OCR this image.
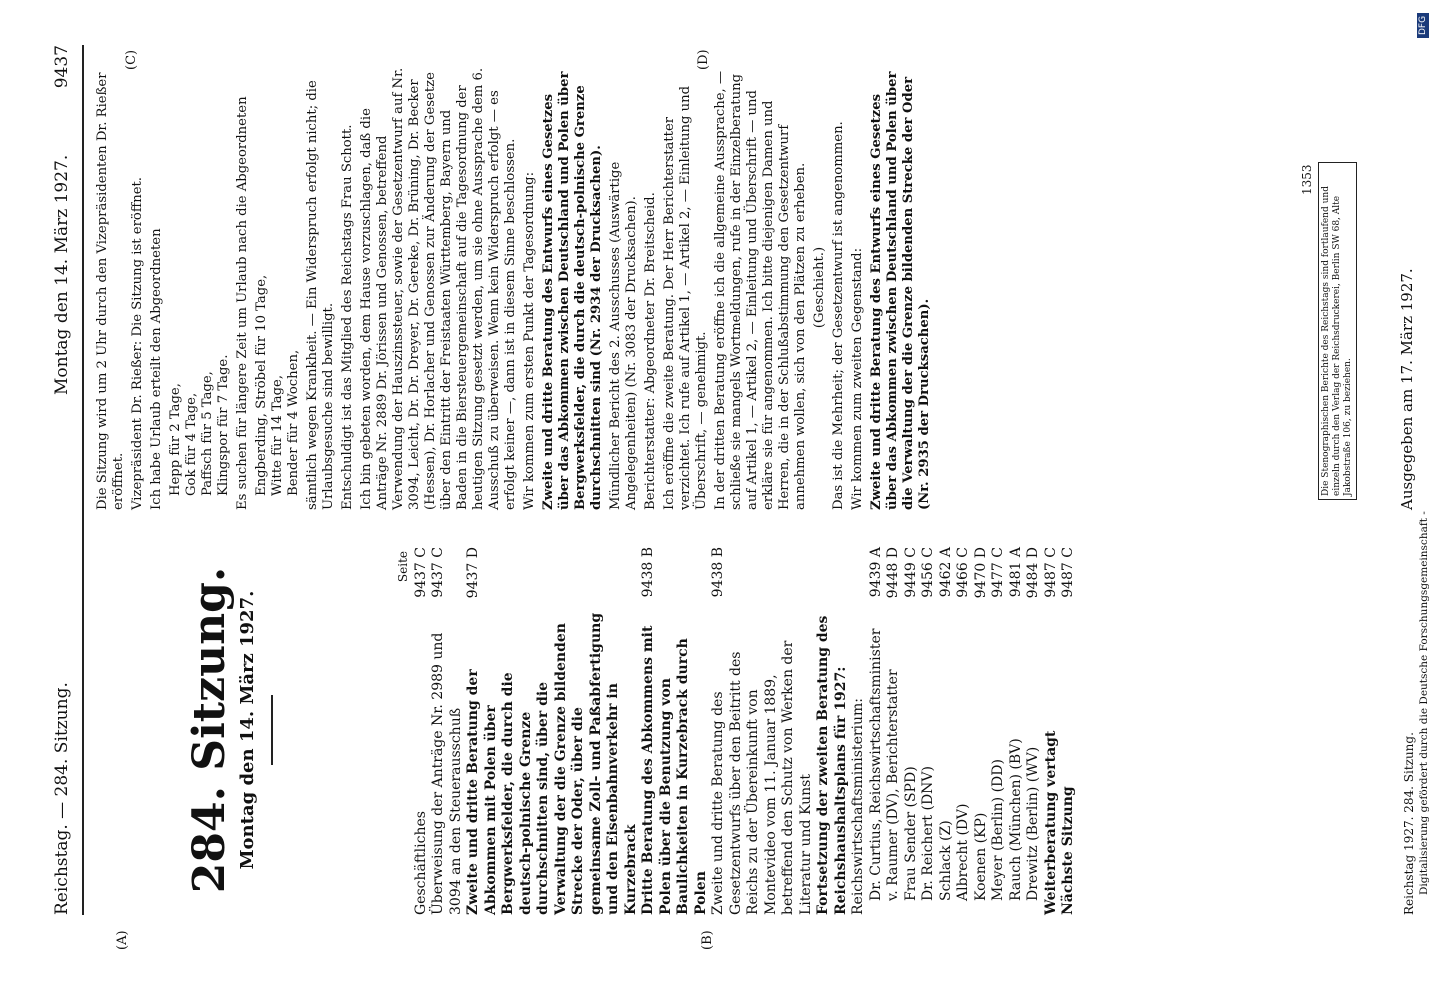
Reichstag. — 284. Sitzung.
Montag den 14. März 1927.
9437
(A)	(B)
(C)	(D)
284. Sitzung. Montag den 14. März 1927.
Seite
Geschäftliches
9437 C
Überweisung der Anträge Nr. 2989 und 3094 an den Steuerausschuß
9437 C
Zweite und dritte Beratung der Abkommen mit Polen über Bergwerksfelder, die durch die deutsch-polnische Grenze durchschnitten sind, über die Verwaltung der die Grenze bildenden Strecke der Oder, über die gemeinsame Zoll- und Paßabfertigung und den Eisenbahnverkehr in Kurzebrack
9437 D
Dritte Beratung des Abkommens mit Polen über die Benutzung von Baulichkeiten in Kurzebrack durch Polen
9438 B
Zweite und dritte Beratung des Gesetzentwurfs über den Beitritt des Reichs zu der Übereinkunft von Montevideo vom 11. Januar 1889, betreffend den Schutz von Werken der Literatur und Kunst
9438 B
Fortsetzung der zweiten Beratung des Reichshaushaltsplans für 1927: Reichswirtschaftsministerium: Dr. Curtius, Reichswirtschaftsminister
9439 A
v. Raumer (DV), Berichterstatter
9448 D
Frau Sender (SPD)
9449 C
Dr. Reichert (DNV)
9456 C
Schlack (Z)
9462 A
Albrecht (DV)
9466 C
Koenen (KP)
9470 D
Meyer (Berlin) (DD)
9477 C
Rauch (München) (BV)
9481 A
Drewitz (Berlin) (WV)
9484 D
Weiterberatung vertagt
9487 C
Nächste Sitzung
9487 C

Die Sitzung wird um 2 Uhr durch den Vizepräsidenten Dr. Rießer eröffnet. Vizepräsident Dr. Rießer: Die Sitzung ist eröffnet. Ich habe Urlaub erteilt den Abgeordneten Hepp für 2 Tage, Gok für 4 Tage, Paffsch für 5 Tage, Klingspor für 7 Tage. Es suchen für längere Zeit um Urlaub nach die Abgeordneten Engberding, Ströbel für 10 Tage, Witte für 14 Tage, Bender für 4 Wochen, sämtlich wegen Krankheit. — Ein Widerspruch erfolgt nicht; die Urlaubsgesuche sind bewilligt. Entschuldigt ist das Mitglied des Reichstags Frau Schott. Ich bin gebeten worden, dem Hause vorzuschlagen, daß die Anträge Nr. 2889 Dr. Jörissen und Genossen, betreffend Verwendung der Hauszinssteuer, sowie der Gesetzentwurf auf Nr. 3094, Leicht, Dr. Dr. Dreyer, Dr. Gereke, Dr. Brüning, Dr. Becker (Hessen), Dr. Horlacher und Genossen zur Änderung der Gesetze über den Eintritt der Freistaaten Württemberg, Bayern und Baden in die Biersteuergemeinschaft auf die Tagesordnung der heutigen Sitzung gesetzt werden, um sie ohne Aussprache dem 6. Ausschuß zu überweisen. Wenn kein Widerspruch erfolgt — es erfolgt keiner —, dann ist in diesem Sinne beschlossen. Wir kommen zum ersten Punkt der Tagesordnung: Zweite und dritte Beratung des Entwurfs eines Gesetzes über das Abkommen zwischen Deutschland und Polen über Bergwerksfelder, die durch die deutsch-polnische Grenze durchschnitten sind (Nr. 2934 der Drucksachen). Mündlicher Bericht des 2. Ausschusses (Auswärtige Angelegenheiten) (Nr. 3083 der Drucksachen). Berichterstatter: Abgeordneter Dr. Breitscheid. Ich eröffne die zweite Beratung. Der Herr Berichterstatter verzichtet. Ich rufe auf Artikel 1, — Artikel 2, — Einleitung und Überschrift, — genehmigt. In der dritten Beratung eröffne ich die allgemeine Aussprache, — schließe sie mangels Wortmeldungen, rufe in der Einzelberatung auf Artikel 1, — Artikel 2, — Einleitung und Überschrift — und erkläre sie für angenommen. Ich bitte diejenigen Damen und Herren, die in der Schlußabstimmung den Gesetzentwurf annehmen wollen, sich von den Plätzen zu erheben. (Geschieht.) Das ist die Mehrheit; der Gesetzentwurf ist angenommen. Wir kommen zum zweiten Gegenstand: Zweite und dritte Beratung des Entwurfs eines Gesetzes über das Abkommen zwischen Deutschland und Polen über die Verwaltung der die Grenze bildenden Strecke der Oder (Nr. 2935 der Drucksachen).	Die Stenographischen Berichte des Reichstags sind fortlaufend und einzeln durch den Verlag der Reichsdruckerei, Berlin SW 68, Alte Jakobstraße 106, zu beziehen.
Reichstag 1927. 284. Sitzung.
Ausgegeben am 17. März 1927.
1353
Digitalisierung gefördert durch die Deutsche Forschungsgemeinschaft -
DFG
